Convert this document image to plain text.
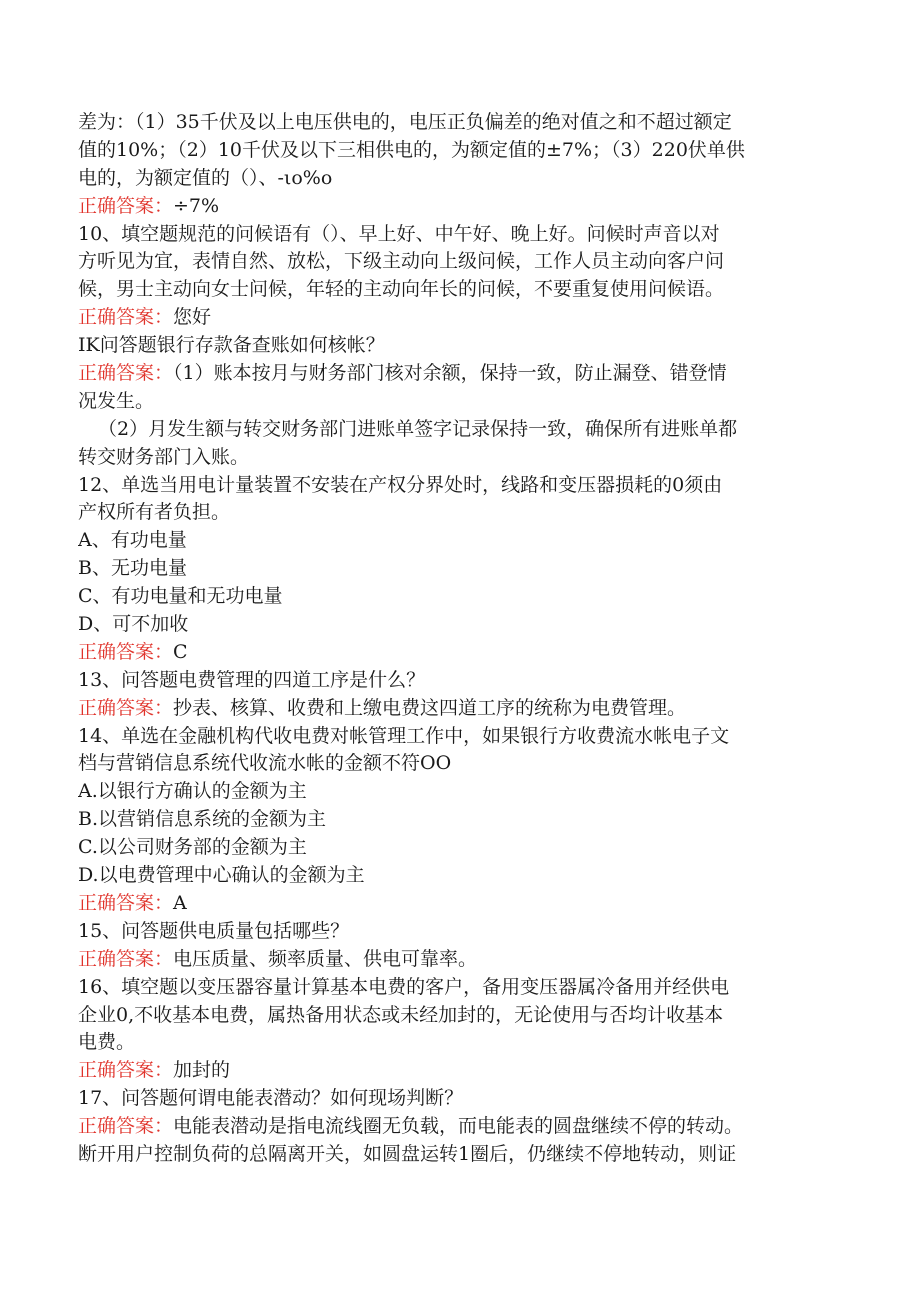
差为：（1）35千伏及以上电压供电的，电压正负偏差的绝对值之和不超过额定
值的10%；（2）10千伏及以下三相供电的，为额定值的±7%；（3）220伏单供
电的，为额定值的（）、-ιo%o
正确答案：÷7%
10、填空题规范的问候语有（）、早上好、中午好、晚上好。问候时声音以对
方听见为宜，表情自然、放松，下级主动向上级问候，工作人员主动向客户问
候，男士主动向女士问候，年轻的主动向年长的问候，不要重复使用问候语。
正确答案：您好
IK问答题银行存款备查账如何核帐？
正确答案：（1）账本按月与财务部门核对余额，保持一致，防止漏登、错登情
况发生。
（2）月发生额与转交财务部门进账单签字记录保持一致，确保所有进账单都
转交财务部门入账。
12、单选当用电计量装置不安装在产权分界处时，线路和变压器损耗的0须由
产权所有者负担。
A、有功电量
B、无功电量
C、有功电量和无功电量
D、可不加收
正确答案：C
13、问答题电费管理的四道工序是什么？
正确答案：抄表、核算、收费和上缴电费这四道工序的统称为电费管理。
14、单选在金融机构代收电费对帐管理工作中，如果银行方收费流水帐电子文
档与营销信息系统代收流水帐的金额不符OO
A.以银行方确认的金额为主
B.以营销信息系统的金额为主
C.以公司财务部的金额为主
D.以电费管理中心确认的金额为主
正确答案：A
15、问答题供电质量包括哪些？
正确答案：电压质量、频率质量、供电可靠率。
16、填空题以变压器容量计算基本电费的客户，备用变压器属冷备用并经供电
企业0,不收基本电费，属热备用状态或未经加封的，无论使用与否均计收基本
电费。
正确答案：加封的
17、问答题何谓电能表潜动？如何现场判断？
正确答案：电能表潜动是指电流线圈无负载，而电能表的圆盘继续不停的转动。
断开用户控制负荷的总隔离开关，如圆盘运转1圈后，仍继续不停地转动，则证
